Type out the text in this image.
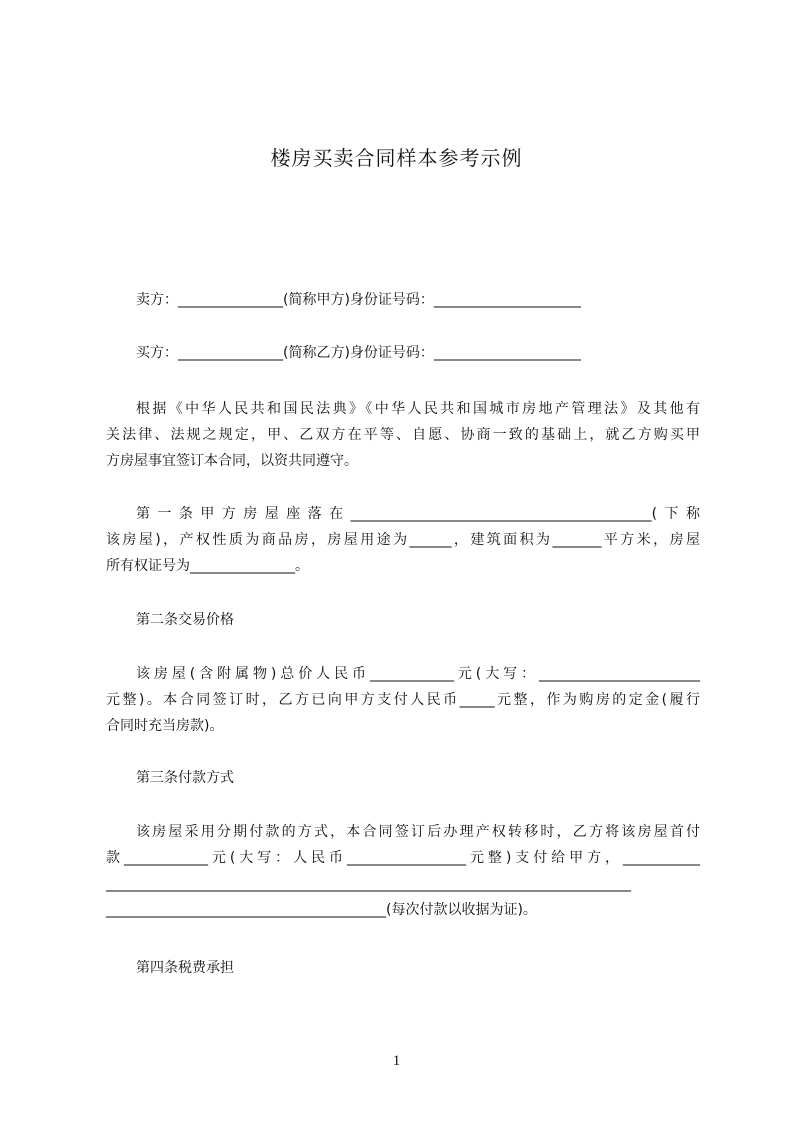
楼房买卖合同样本参考示例
卖方：_______________(简称甲方)身份证号码：_____________________
买方：_______________(简称乙方)身份证号码：_____________________
根据《中华人民共和国民法典》《中华人民共和国城市房地产管理法》及其他有
关法律、法规之规定，甲、乙双方在平等、自愿、协商一致的基础上，就乙方购买甲
方房屋事宜签订本合同，以资共同遵守。
第一条甲方房屋座落在___________________________________________(下称
该房屋)，产权性质为商品房，房屋用途为______，建筑面积为_______平方米，房屋
所有权证号为_______________。
第二条交易价格
该房屋(含附属物)总价人民币____________元(大写：_______________________
元整)。本合同签订时，乙方已向甲方支付人民币_____元整，作为购房的定金(履行
合同时充当房款)。
第三条付款方式
该房屋采用分期付款的方式，本合同签订后办理产权转移时，乙方将该房屋首付
款____________元(大写：人民币_________________元整)支付给甲方，___________
___________________________________________________________________________
________________________________________(每次付款以收据为证)。
第四条税费承担
1
